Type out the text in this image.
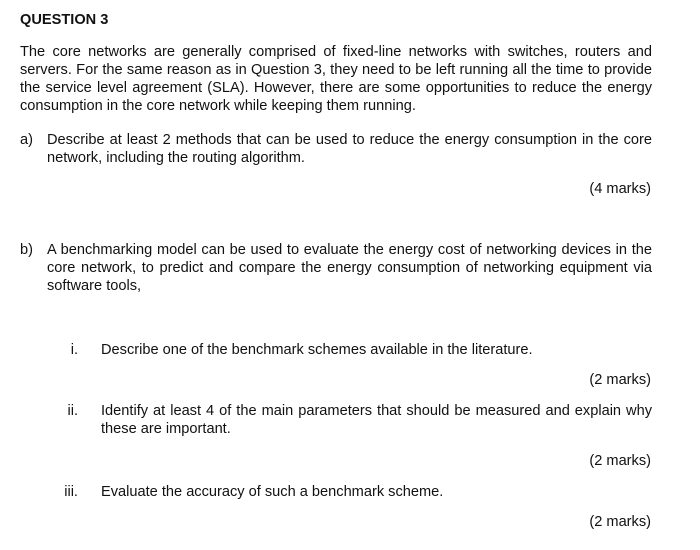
QUESTION 3
The core networks are generally comprised of fixed-line networks with switches, routers and servers. For the same reason as in Question 3, they need to be left running all the time to provide the service level agreement (SLA). However, there are some opportunities to reduce the energy consumption in the core network while keeping them running.
a) Describe at least 2 methods that can be used to reduce the energy consumption in the core network, including the routing algorithm.
(4 marks)
b) A benchmarking model can be used to evaluate the energy cost of networking devices in the core network, to predict and compare the energy consumption of networking equipment via software tools,
i. Describe one of the benchmark schemes available in the literature.
(2 marks)
ii. Identify at least 4 of the main parameters that should be measured and explain why these are important.
(2 marks)
iii. Evaluate the accuracy of such a benchmark scheme.
(2 marks)
